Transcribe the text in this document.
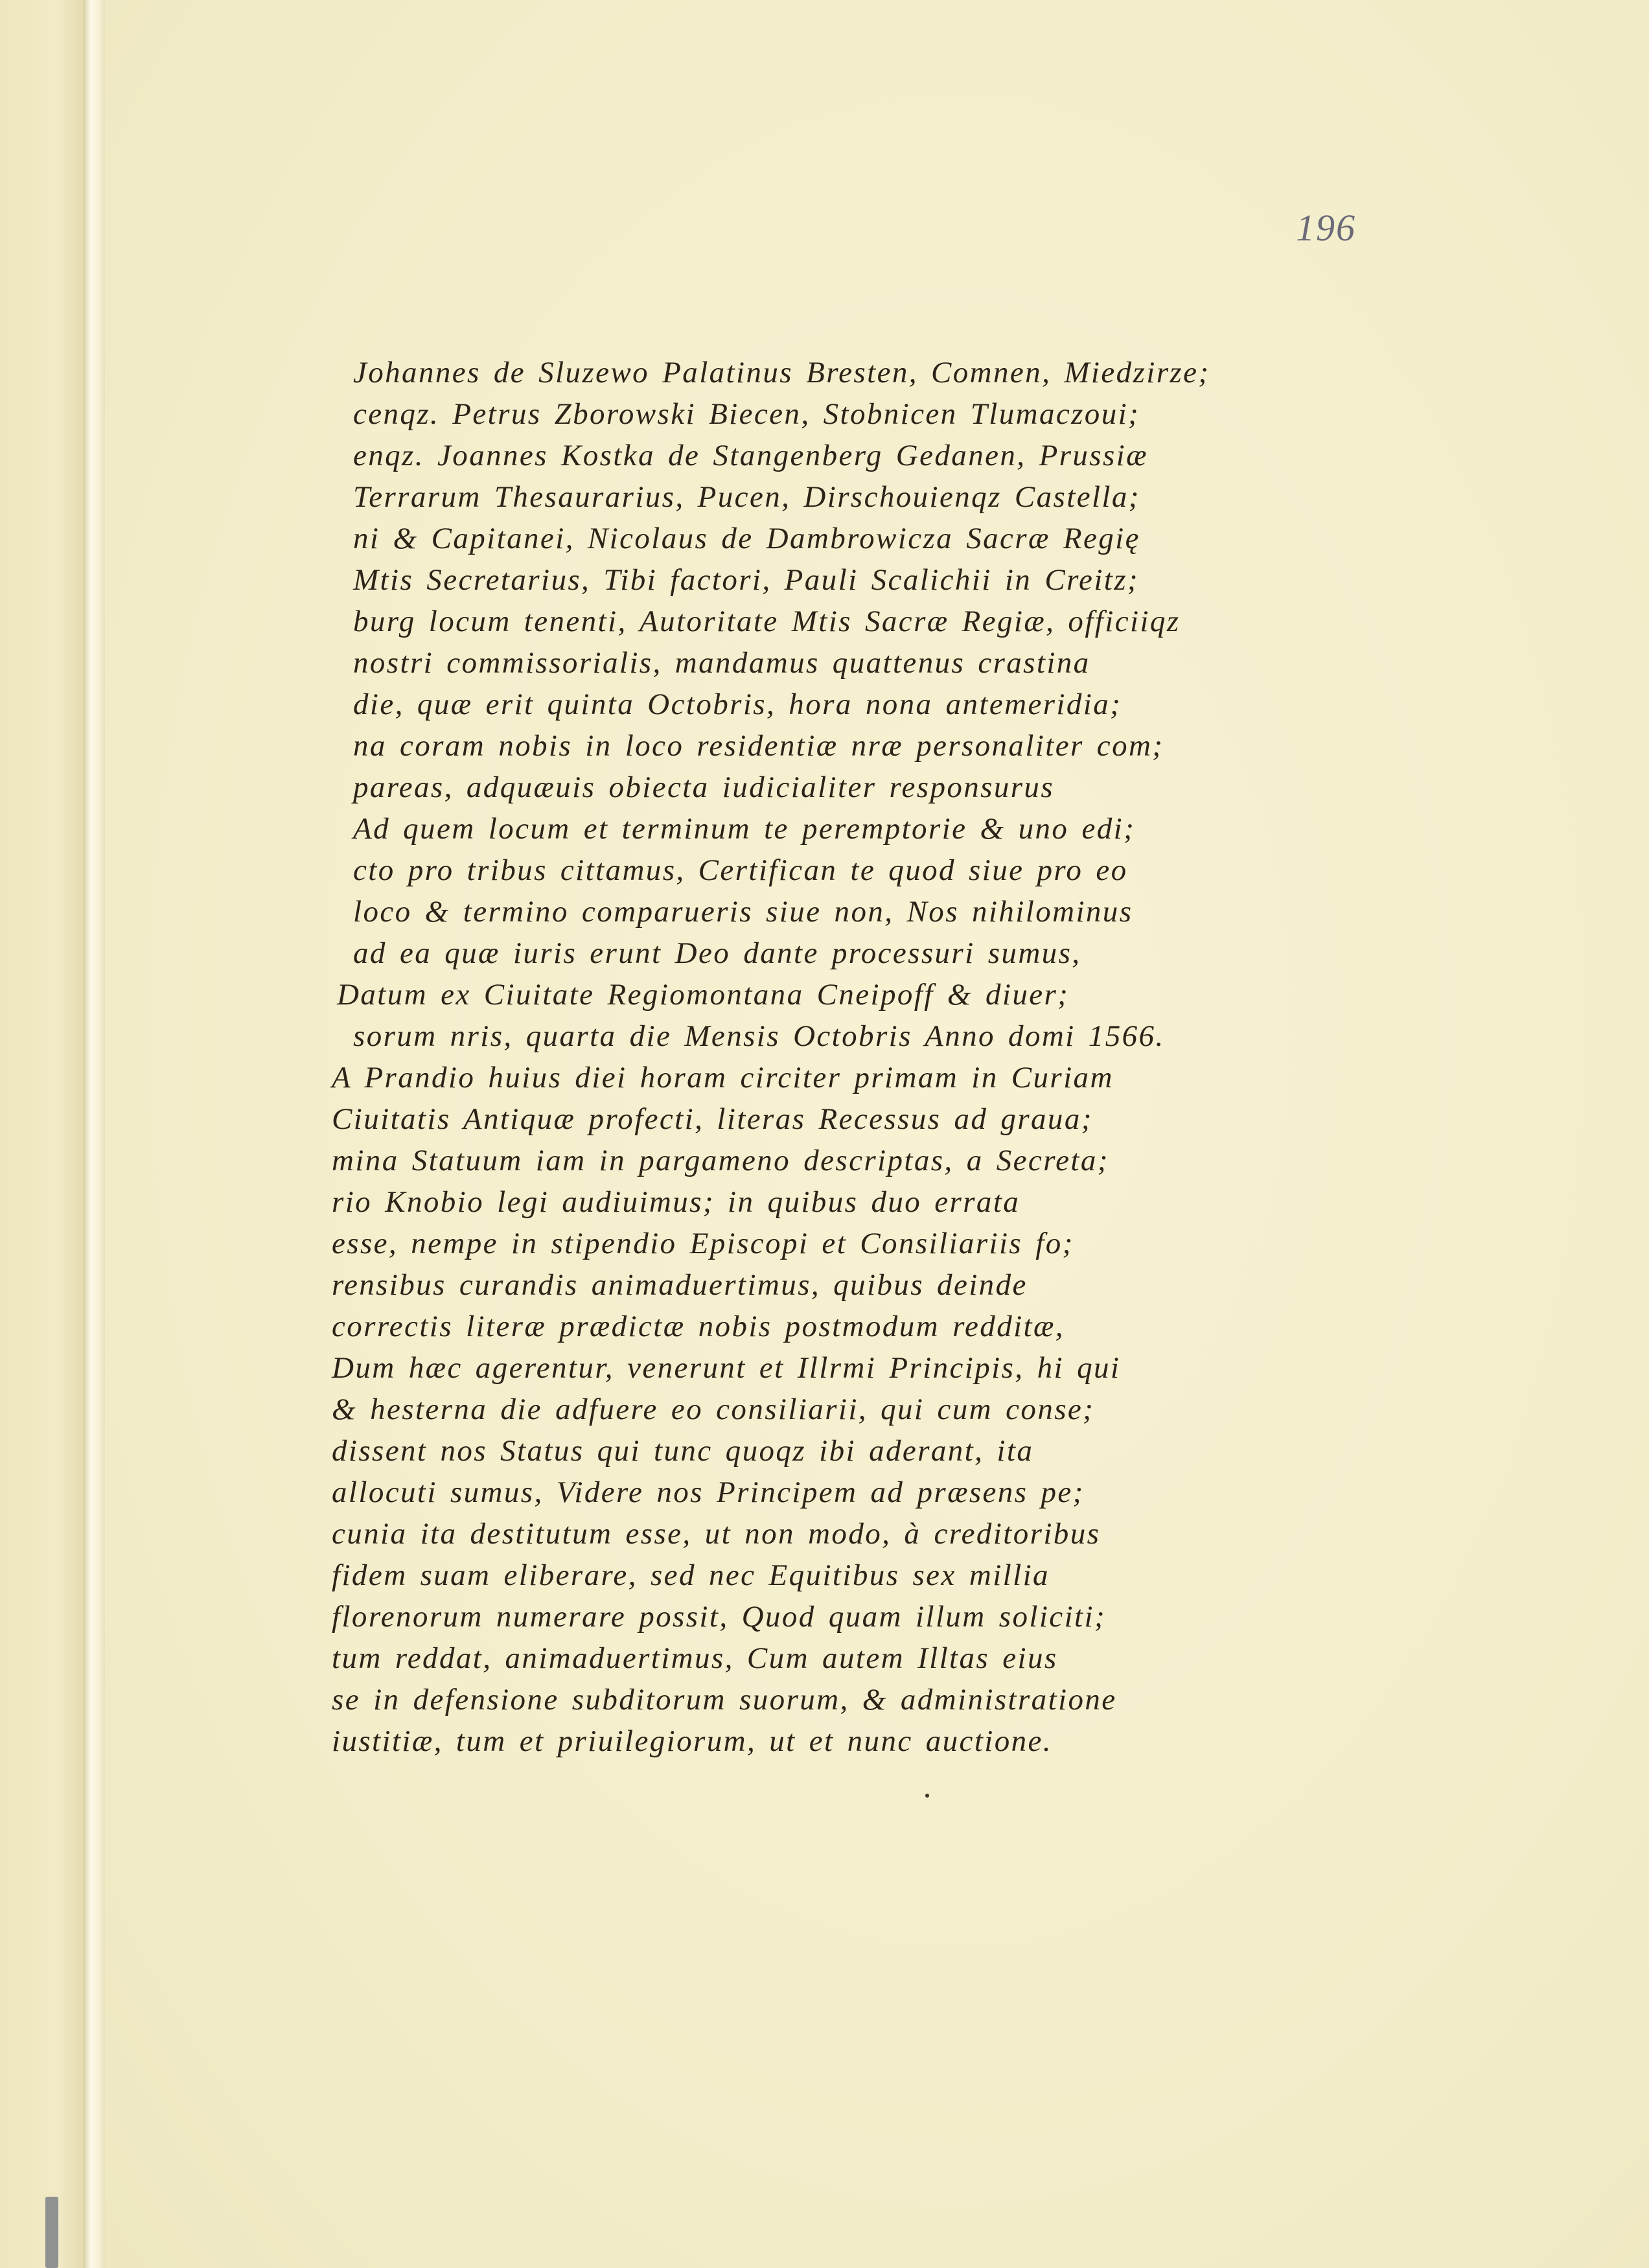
196
Johannes de Sluzewo Palatinus Bresten, Comnen, Miedzirze;
cenqz. Petrus Zborowski Biecen, Stobnicen Tlumaczoui;
enqz. Joannes Kostka de Stangenberg Gedanen, Prussiæ
Terrarum Thesaurarius, Pucen, Dirschouienqz Castella;
ni & Capitanei, Nicolaus de Dambrowicza Sacræ Regię
Mtis Secretarius, Tibi factori, Pauli Scalichii in Creitz;
burg locum tenenti, Autoritate Mtis Sacræ Regiæ, officiiqz
nostri commissorialis, mandamus quattenus crastina
die, quæ erit quinta Octobris, hora nona antemeridia;
na coram nobis in loco residentiæ nræ personaliter com;
pareas, adquæuis obiecta iudicialiter responsurus
Ad quem locum et terminum te peremptorie & uno edi;
cto pro tribus cittamus, Certifican te quod siue pro eo
loco & termino comparueris siue non, Nos nihilominus
ad ea quæ iuris erunt Deo dante processuri sumus,
Datum ex Ciuitate Regiomontana Cneipoff & diuer;
sorum nris, quarta die Mensis Octobris Anno domi 1566.
A Prandio huius diei horam circiter primam in Curiam
Ciuitatis Antiquæ profecti, literas Recessus ad graua;
mina Statuum iam in pargameno descriptas, a Secreta;
rio Knobio legi audiuimus; in quibus duo errata
esse, nempe in stipendio Episcopi et Consiliariis fo;
rensibus curandis animaduertimus, quibus deinde
correctis literæ prædictæ nobis postmodum redditæ,
Dum hæc agerentur, venerunt et Illrmi Principis, hi qui
& hesterna die adfuere eo consiliarii, qui cum conse;
dissent nos Status qui tunc quoqz ibi aderant, ita
allocuti sumus, Videre nos Principem ad præsens pe;
cunia ita destitutum esse, ut non modo, à creditoribus
fidem suam eliberare, sed nec Equitibus sex millia
florenorum numerare possit, Quod quam illum soliciti;
tum reddat, animaduertimus, Cum autem Illtas eius
se in defensione subditorum suorum, & administratione
iustitiæ, tum et priuilegiorum, ut et nunc auctione.
